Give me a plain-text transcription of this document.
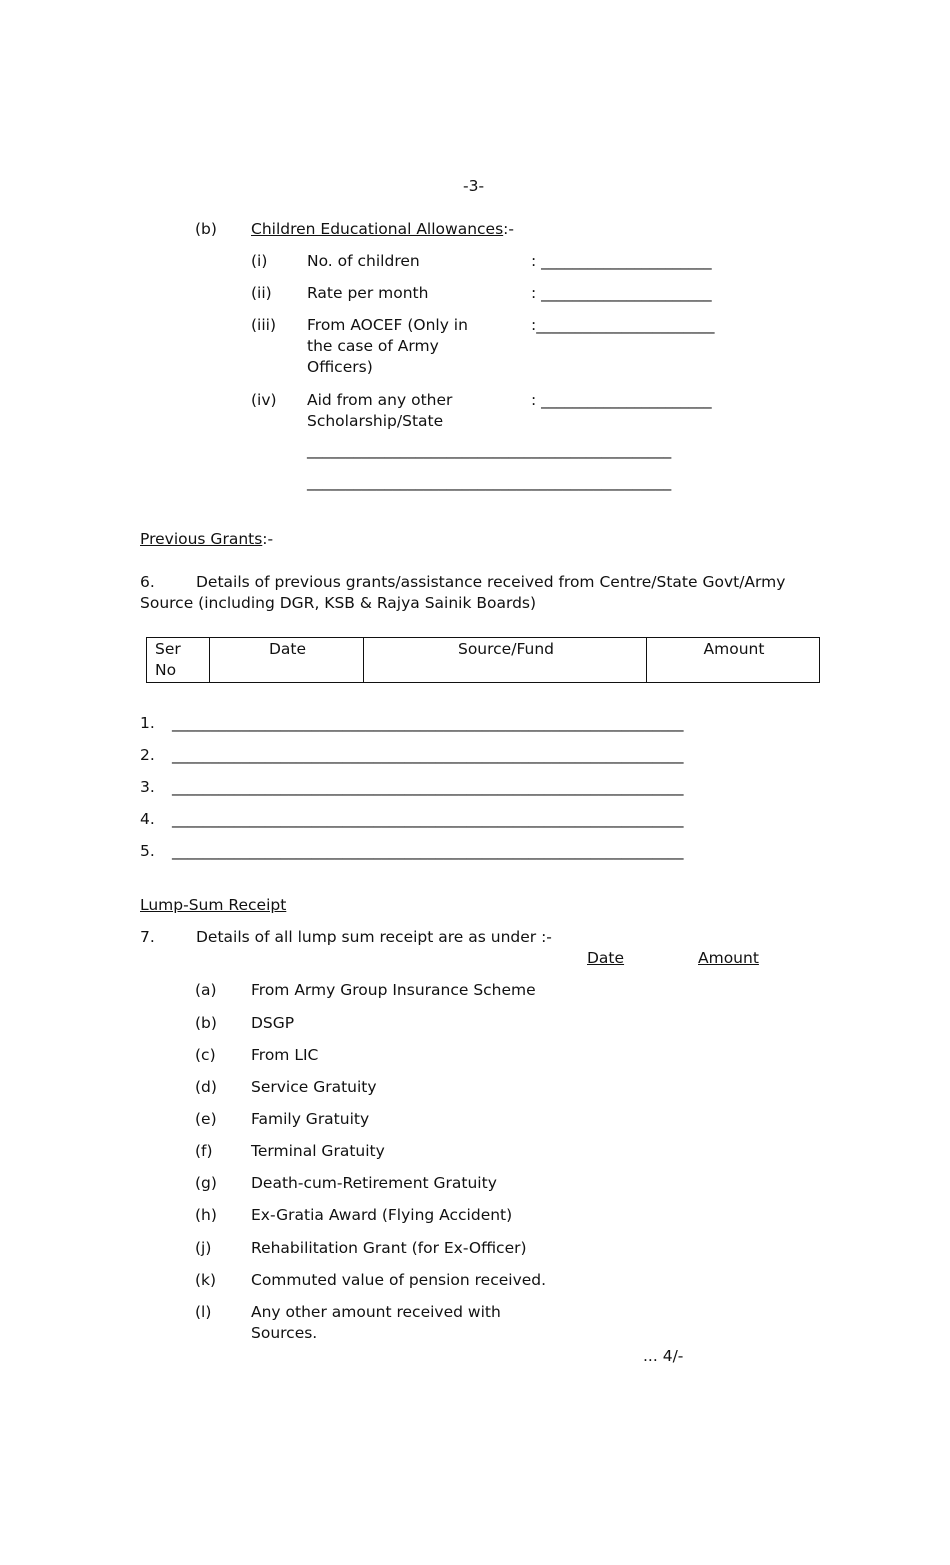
-3-
(b) Children Educational Allowances:-
(i)	No. of children	: ______________________
(ii) Rate per month	: ______________________
(iii) From AOCEF (Only in the case of Army Officers)
:_______________________
(iv) Aid from any other Scholarship/State
: ______________________
_______________________________________________
_______________________________________________
Previous Grants:-
6.	Details of previous grants/assistance received from Centre/State Govt/Army
Source (including DGR, KSB & Rajya Sainik Boards)
Ser No	Date	Source/Fund	Amount
1. __________________________________________________________________
2. __________________________________________________________________
3. __________________________________________________________________
4. __________________________________________________________________
5. __________________________________________________________________
Lump-Sum Receipt
7.	Details of all lump sum receipt are as under :-
Date	Amount
(a) From Army Group Insurance Scheme
(b) DSGP
(c) From LIC
(d) Service Gratuity
(e) Family Gratuity
(f) Terminal Gratuity
(g) Death-cum-Retirement Gratuity
(h) Ex-Gratia Award (Flying Accident)
(j)	Rehabilitation Grant (for Ex-Officer)
(k) Commuted value of pension received.
(l)	Any other amount received with Sources.
... 4/-
